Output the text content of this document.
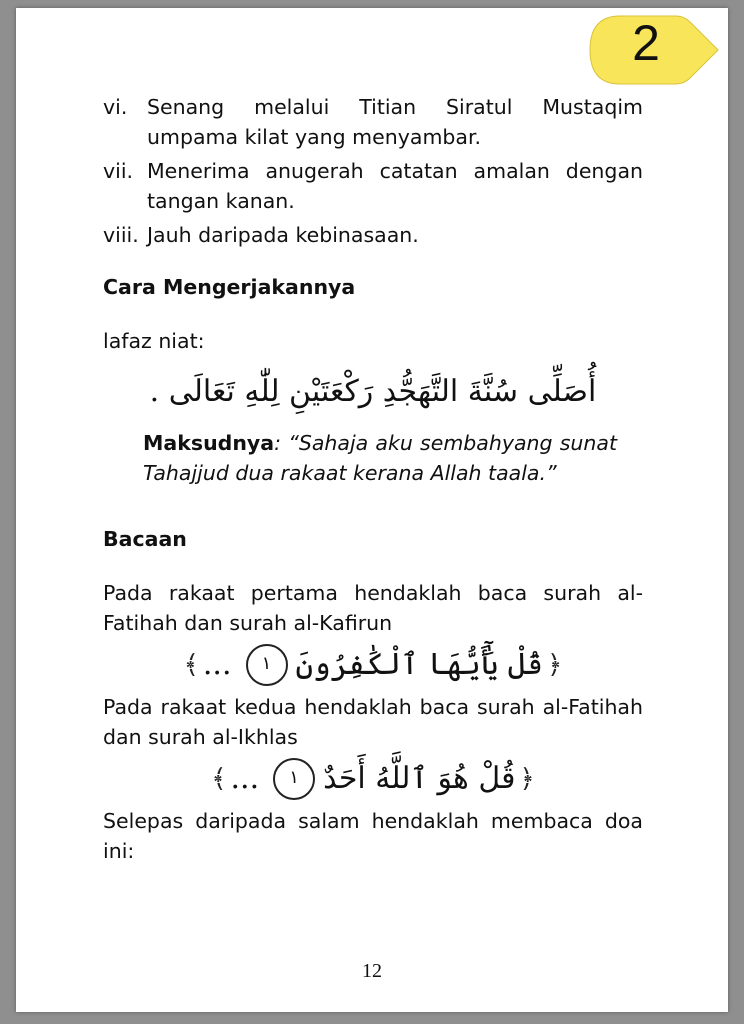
2
vi. Senang melalui Titian Siratul Mustaqim umpama kilat yang menyambar.
vii. Menerima anugerah catatan amalan dengan tangan kanan.
viii. Jauh daripada kebinasaan.
Cara Mengerjakannya
lafaz niat:
أُصَلِّى سُنَّةَ التَّهَجُّدِ رَكْعَتَيْنِ لِلّٰهِ تَعَالَى .
Maksudnya: “Sahaja aku sembahyang sunat Tahajjud dua rakaat kerana Allah taala.”
Bacaan
Pada rakaat pertama hendaklah baca surah al-Fatihah dan surah al-Kafirun
﴾	قُلْ يَٰٓأَيُّهَا ٱلْكَٰفِرُونَ
١
...	﴿
Pada rakaat kedua hendaklah baca surah al-Fatihah dan surah al-Ikhlas
﴾	قُلْ هُوَ ٱللَّهُ أَحَدٌ
١
...	﴿
Selepas daripada salam hendaklah membaca doa ini:
12
